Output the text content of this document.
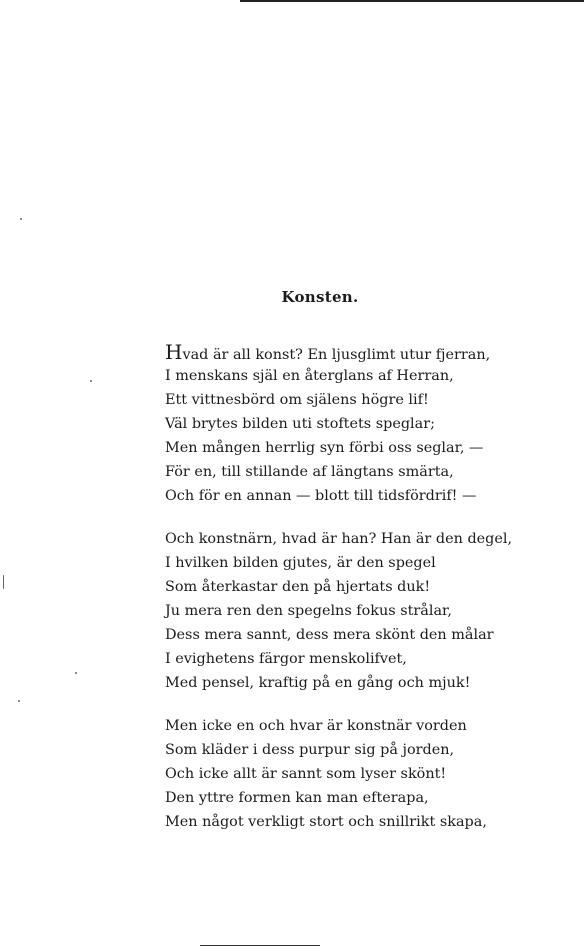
Konsten.
Hvad är all konst? En ljusglimt utur fjerran,
I menskans själ en återglans af Herran,
Ett vittnesbörd om själens högre lif!
Väl brytes bilden uti stoftets speglar;
Men mången herrlig syn förbi oss seglar, —
För en, till stillande af längtans smärta,
Och för en annan — blott till tidsfördrif! —
Och konstnärn, hvad är han? Han är den degel,
I hvilken bilden gjutes, är den spegel
Som återkastar den på hjertats duk!
Ju mera ren den spegelns fokus strålar,
Dess mera sannt, dess mera skönt den målar
I evighetens färgor menskolifvet,
Med pensel, kraftig på en gång och mjuk!
Men icke en och hvar är konstnär vorden
Som kläder i dess purpur sig på jorden,
Och icke allt är sannt som lyser skönt!
Den yttre formen kan man efterapa,
Men något verkligt stort och snillrikt skapa,
